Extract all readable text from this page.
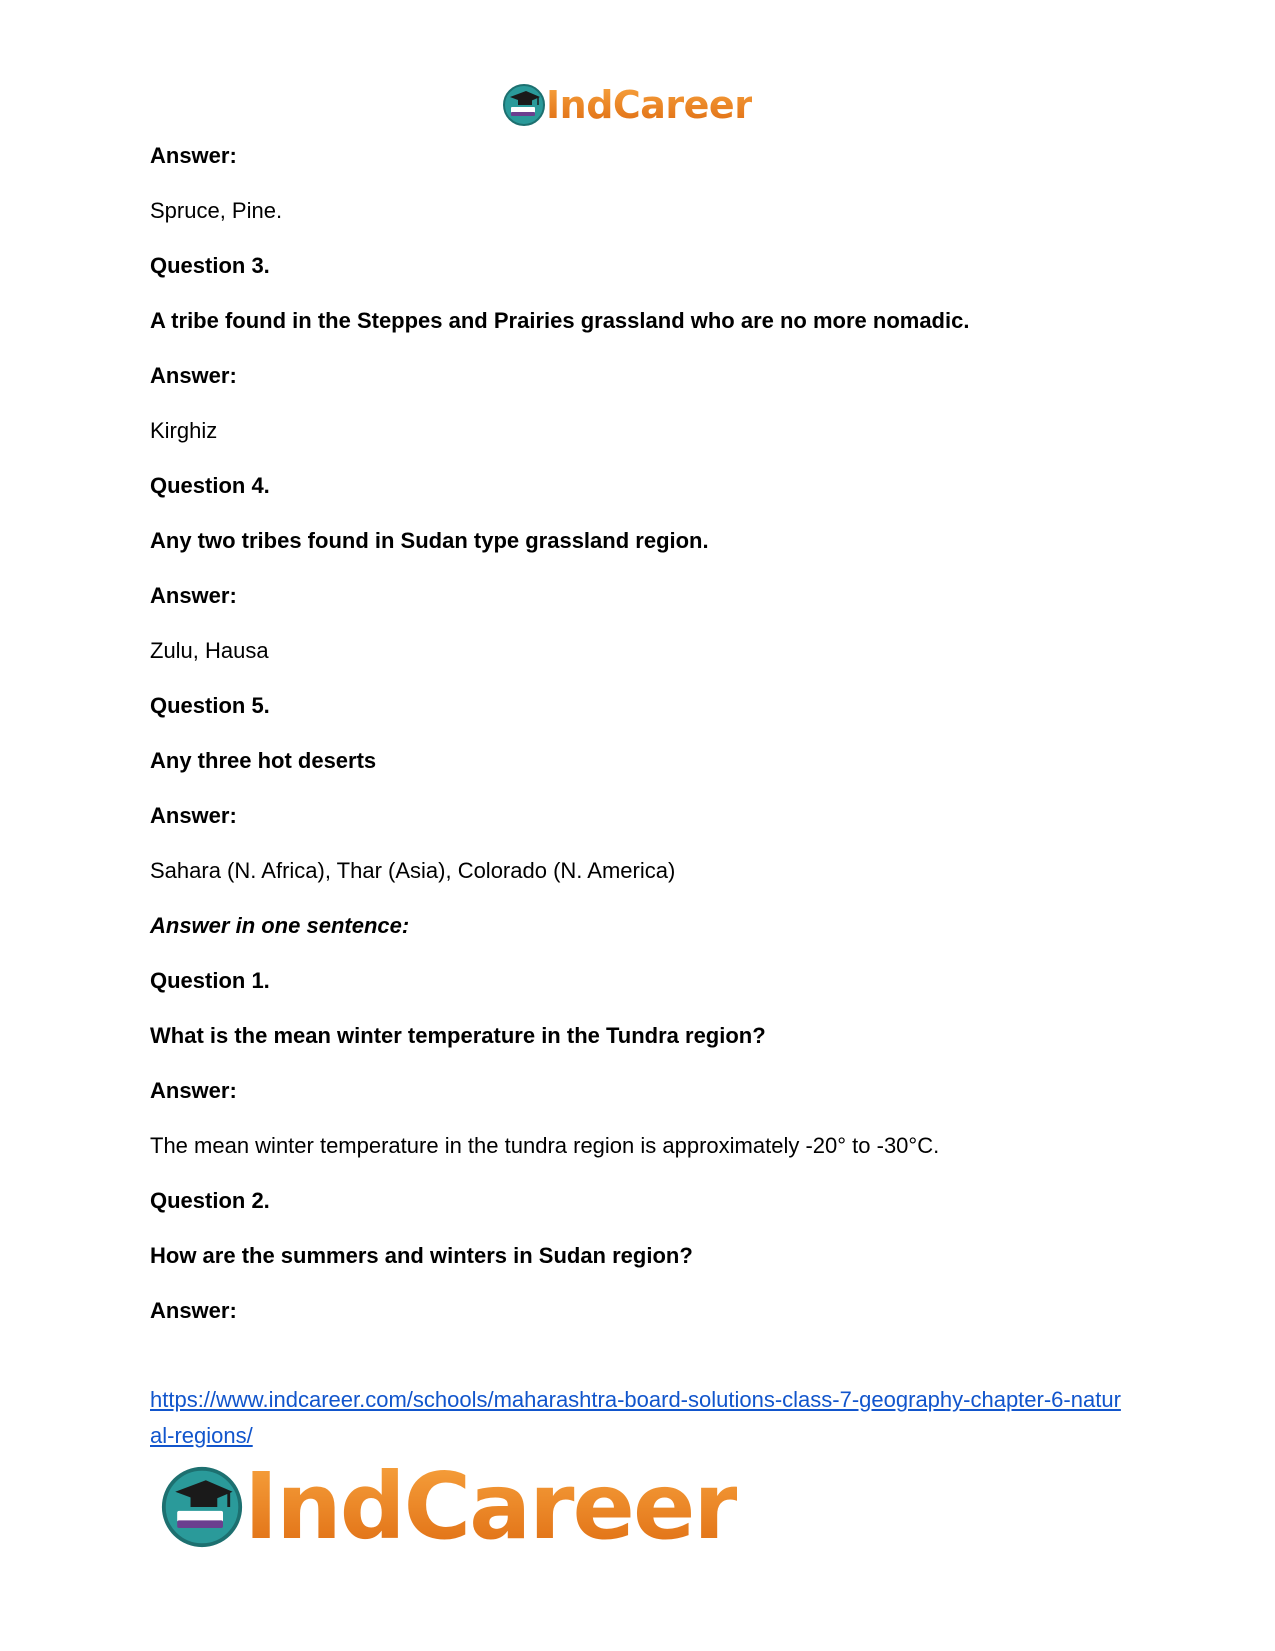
IndCareer
Answer:
Spruce, Pine.
Question 3.
A tribe found in the Steppes and Prairies grassland who are no more nomadic.
Answer:
Kirghiz
Question 4.
Any two tribes found in Sudan type grassland region.
Answer:
Zulu, Hausa
Question 5.
Any three hot deserts
Answer:
Sahara (N. Africa), Thar (Asia), Colorado (N. America)
Answer in one sentence:
Question 1.
What is the mean winter temperature in the Tundra region?
Answer:
The mean winter temperature in the tundra region is approximately -20° to -30°C.
Question 2.
How are the summers and winters in Sudan region?
Answer:
https://www.indcareer.com/schools/maharashtra-board-solutions-class-7-geography-chapter-6-natural-regions/
IndCareer
